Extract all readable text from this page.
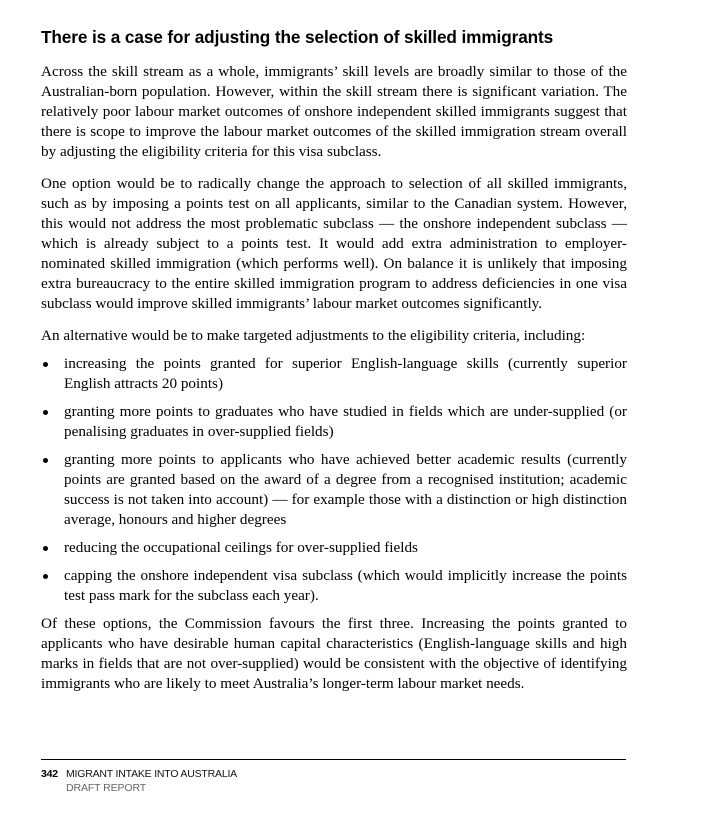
There is a case for adjusting the selection of skilled immigrants

Across the skill stream as a whole, immigrants’ skill levels are broadly similar to those of the Australian-born population. However, within the skill stream there is significant variation. The relatively poor labour market outcomes of onshore independent skilled immigrants suggest that there is scope to improve the labour market outcomes of the skilled immigration stream overall by adjusting the eligibility criteria for this visa subclass.

One option would be to radically change the approach to selection of all skilled immigrants, such as by imposing a points test on all applicants, similar to the Canadian system. However, this would not address the most problematic subclass — the onshore independent subclass — which is already subject to a points test. It would add extra administration to employer-nominated skilled immigration (which performs well). On balance it is unlikely that imposing extra bureaucracy to the entire skilled immigration program to address deficiencies in one visa subclass would improve skilled immigrants’ labour market outcomes significantly.

An alternative would be to make targeted adjustments to the eligibility criteria, including:

increasing the points granted for superior English-language skills (currently superior English attracts 20 points)
granting more points to graduates who have studied in fields which are under-supplied (or penalising graduates in over-supplied fields)
granting more points to applicants who have achieved better academic results (currently points are granted based on the award of a degree from a recognised institution; academic success is not taken into account) — for example those with a distinction or high distinction average, honours and higher degrees
reducing the occupational ceilings for over-supplied fields
capping the onshore independent visa subclass (which would implicitly increase the points test pass mark for the subclass each year).

Of these options, the Commission favours the first three. Increasing the points granted to applicants who have desirable human capital characteristics (English-language skills and high marks in fields that are not over-supplied) would be consistent with the objective of identifying immigrants who are likely to meet Australia’s longer-term labour market needs.

342 MIGRANT INTAKE INTO AUSTRALIA
DRAFT REPORT
